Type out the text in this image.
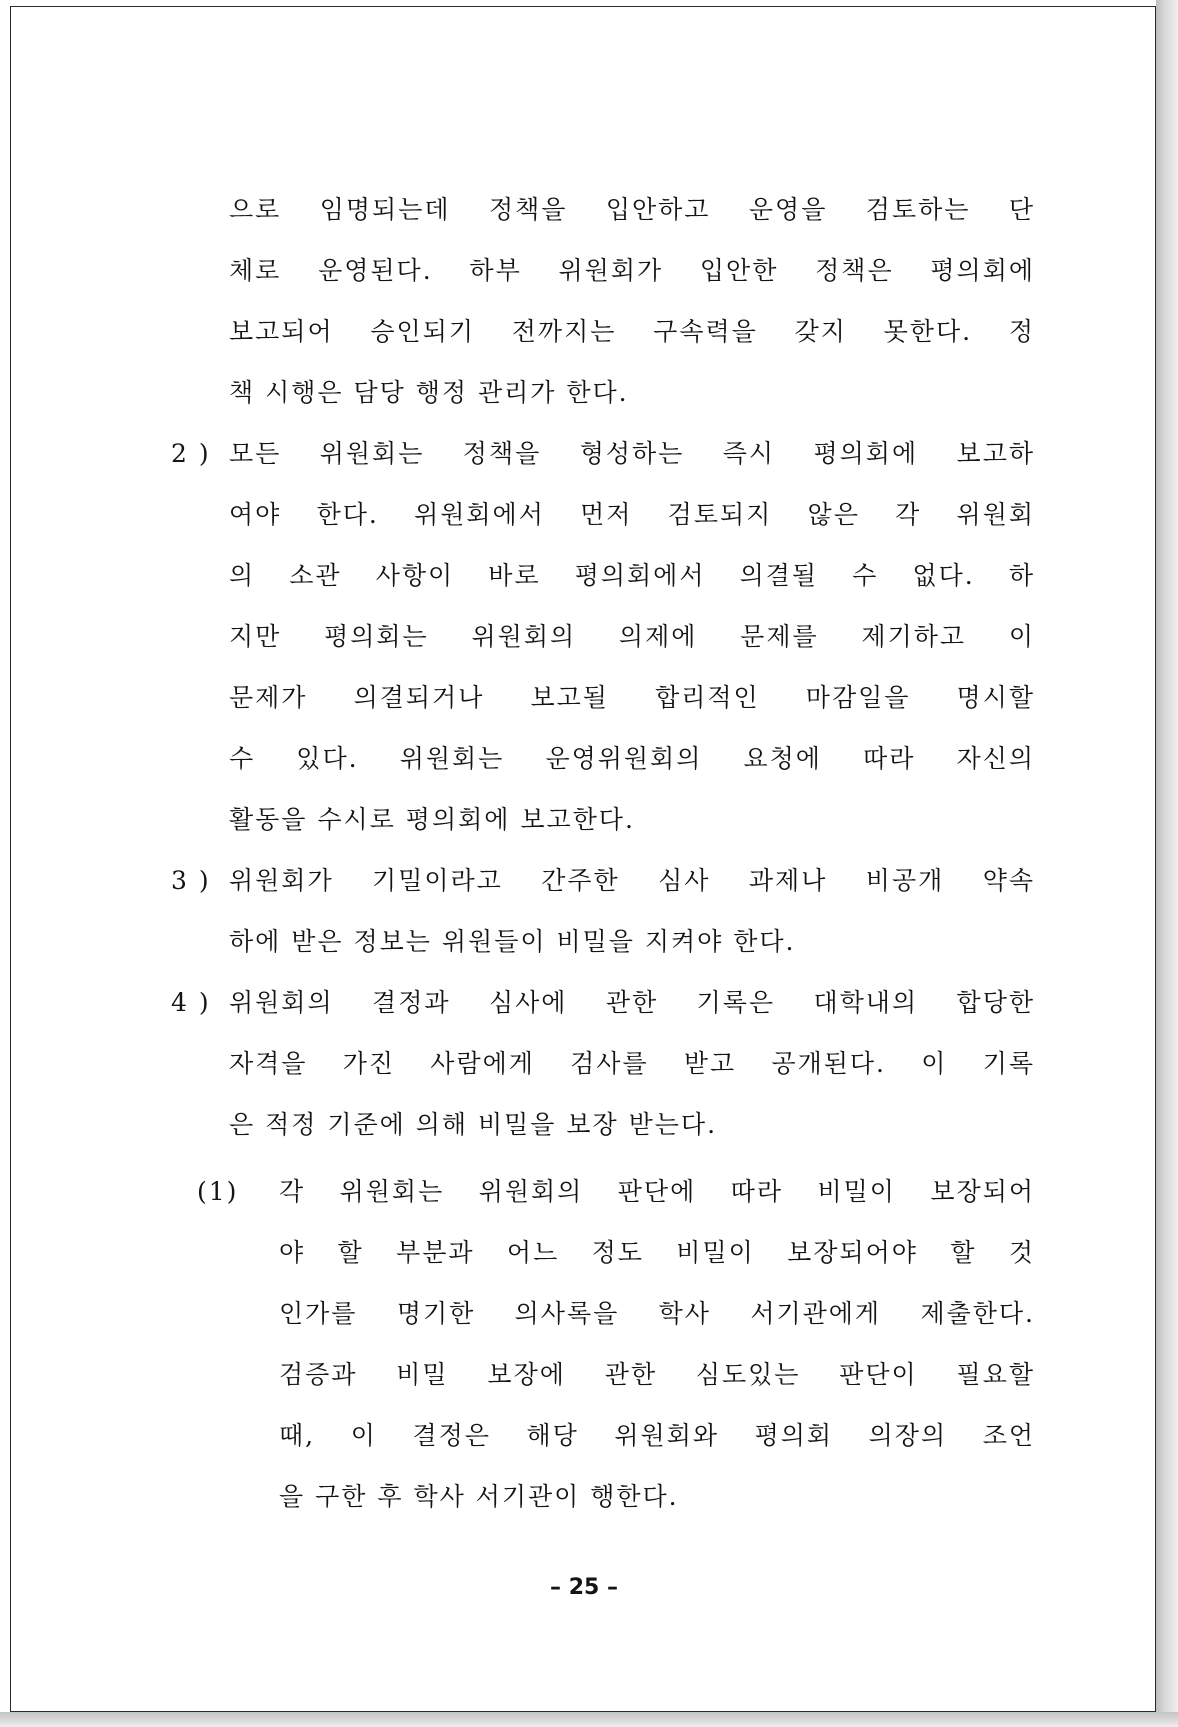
으로 임명되는데 정책을 입안하고 운영을 검토하는 단
체로 운영된다. 하부 위원회가 입안한 정책은 평의회에
보고되어 승인되기 전까지는 구속력을 갖지 못한다. 정
책 시행은 담당 행정 관리가 한다.
2 ) 모든 위원회는 정책을 형성하는 즉시 평의회에 보고하
여야 한다. 위원회에서 먼저 검토되지 않은 각 위원회
의 소관 사항이 바로 평의회에서 의결될 수 없다. 하
지만 평의회는 위원회의 의제에 문제를 제기하고 이
문제가 의결되거나 보고될 합리적인 마감일을 명시할
수 있다. 위원회는 운영위원회의 요청에 따라 자신의
활동을 수시로 평의회에 보고한다.
3 ) 위원회가 기밀이라고 간주한 심사 과제나 비공개 약속
하에 받은 정보는 위원들이 비밀을 지켜야 한다.
4 ) 위원회의 결정과 심사에 관한 기록은 대학내의 합당한
자격을 가진 사람에게 검사를 받고 공개된다. 이 기록
은 적정 기준에 의해 비밀을 보장 받는다.
(1) 각 위원회는 위원회의 판단에 따라 비밀이 보장되어
야 할 부분과 어느 정도 비밀이 보장되어야 할 것
인가를 명기한 의사록을 학사 서기관에게 제출한다.
검증과 비밀 보장에 관한 심도있는 판단이 필요할
때, 이 결정은 해당 위원회와 평의회 의장의 조언
을 구한 후 학사 서기관이 행한다.
– 25 –
